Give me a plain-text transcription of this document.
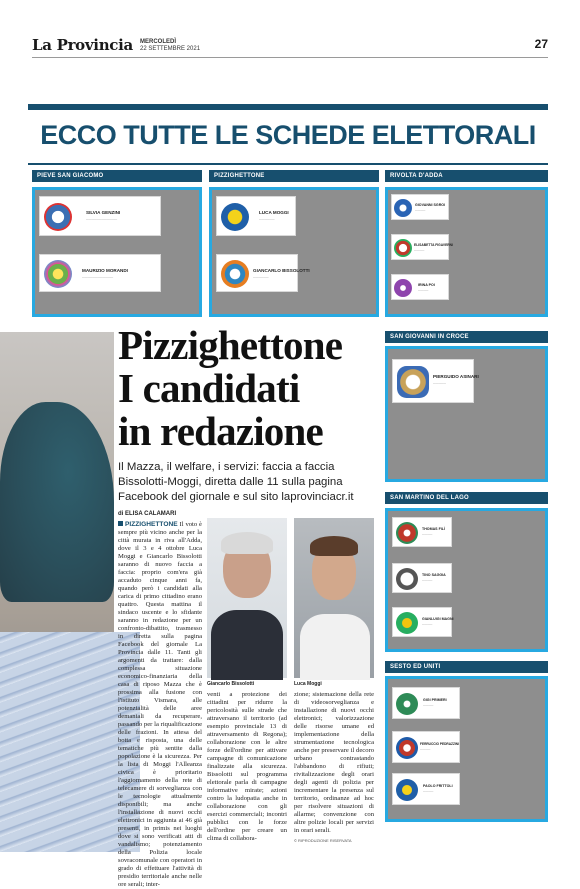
La Provincia MERCOLEDÌ
22 SETTEMBRE 2021	27
ECCO TUTTE LE SCHEDE ELETTORALI
PIEVE SAN GIACOMO
SILVIA GENZINI
————————————
MAURIZIO MORANDI
————————————
PIZZIGHETTONE
LUCA MOGGI
——————
GIANCARLO BISSOLOTTI
——————
RIVOLTA D'ADDA
GIOVANNI SGROI
————
ELISABETTA FIGAVERNI
————
IRINA POI
————
SAN GIOVANNI IN CROCE
PIERGUIDO ASINARI
—————
SAN MARTINO DEL LAGO
THOMAS FILÌ
————
TINO SAGGIA
————
GIANLUIGI MAGNI
————
SESTO ED UNITI
GIGI PRIMERI
————
FERRUCCIO PEDRAZZINI
————
PAOLO FRITTOLI
————
Pizzighettone
I candidati
in redazione
Il Mazza, il welfare, i servizi: faccia a faccia
Bissolotti-Moggi, diretta dalle 11 sulla pagina
Facebook del giornale e sul sito laprovinciacr.it
di ELISA CALAMARI
PIZZIGHETTONE Il voto è sempre più vicino anche per la città murata in riva all'Adda, dove il 3 e 4 ottobre Luca Moggi e Giancarlo Bissolotti saranno di nuovo faccia a faccia: proprio com'era già accaduto cinque anni fa, quando però i candidati alla carica di primo cittadino erano quattro. Questa mattina il sindaco uscente e lo sfidante saranno in redazione per un confronto-dibattito, trasmesso in diretta sulla pagina Facebook del giornale La Provincia dalle 11. Tanti gli argomenti da trattare: dalla complessa situazione economico-finanziaria della casa di riposo Mazza che è prossima alla fusione con l'istituto Vismara, alle potenzialità delle aree demaniali da recuperare, passando per la riqualificazione delle frazioni. In attesa del botta e risposta, una delle tematiche più sentite dalla popolazione è la sicurezza. Per la lista di Moggi l'Alleanza civica è prioritario l'aggiornamento della rete di telecamere di sorveglianza con le tecnologie attualmente disponibili; ma anche l'installazione di nuovi occhi elettronici in aggiunta ai 46 già presenti, in primis nei luoghi dove si sono verificati atti di vandalismo; potenziamento della Polizia locale sovracomunale con operatori in grado di effettuare l'attività di presidio territoriale anche nelle ore serali; inter-
Giancarlo Bissolotti	Luca Moggi
venti a protezione dei cittadini per ridurre la pericolosità sulle strade che attraversano il territorio (ad esempio provinciale 13 di attraversamento di Regona); collaborazione con le altre forze dell'ordine per attivare campagne di comunicazione finalizzate alla sicurezza. Bissolotti sul programma elettorale parla di campagne informative mirate; azioni contro la ludopatia anche in collaborazione con gli esercizi commerciali; incontri pubblici con le forze dell'ordine per creare un clima di collabora-
zione; sistemazione della rete di videosorveglianza e installazione di nuovi occhi elettronici; valorizzazione delle risorse umane ed implementazione della strumentazione tecnologica anche per preservare il decoro urbano contrastando l'abbandono di rifiuti; rivitalizzazione degli orari degli agenti di polizia per incrementare la presenza sul territorio, ordinanze ad hoc per risolvere situazioni di allarme; convenzione con altre polizie locali per servizi in orari serali.
© RIPRODUZIONE RISERVATA
